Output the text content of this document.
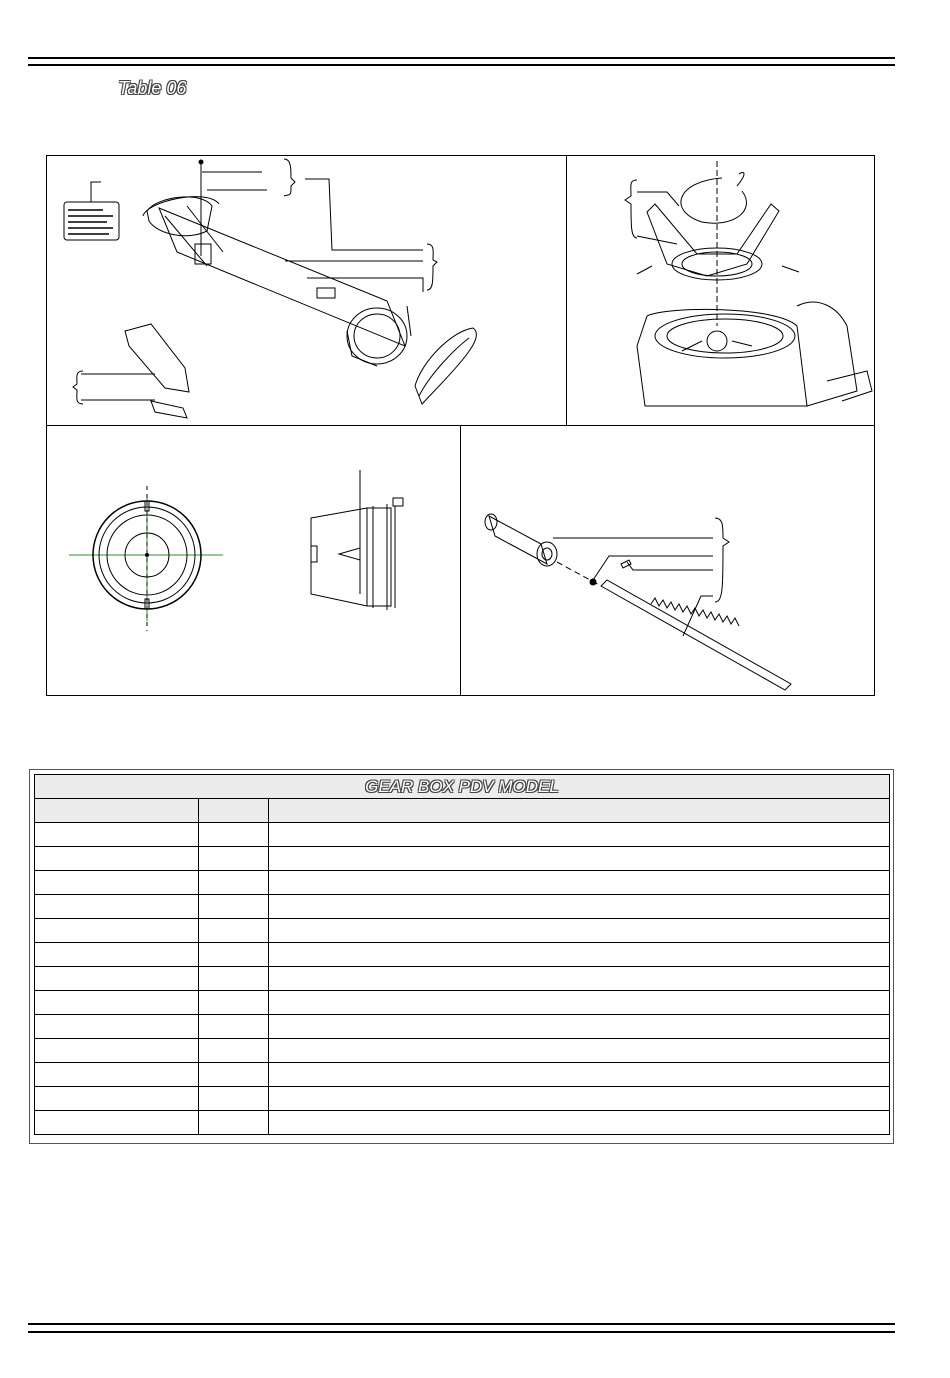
Table 06
GEAR BOX PDV MODEL		
